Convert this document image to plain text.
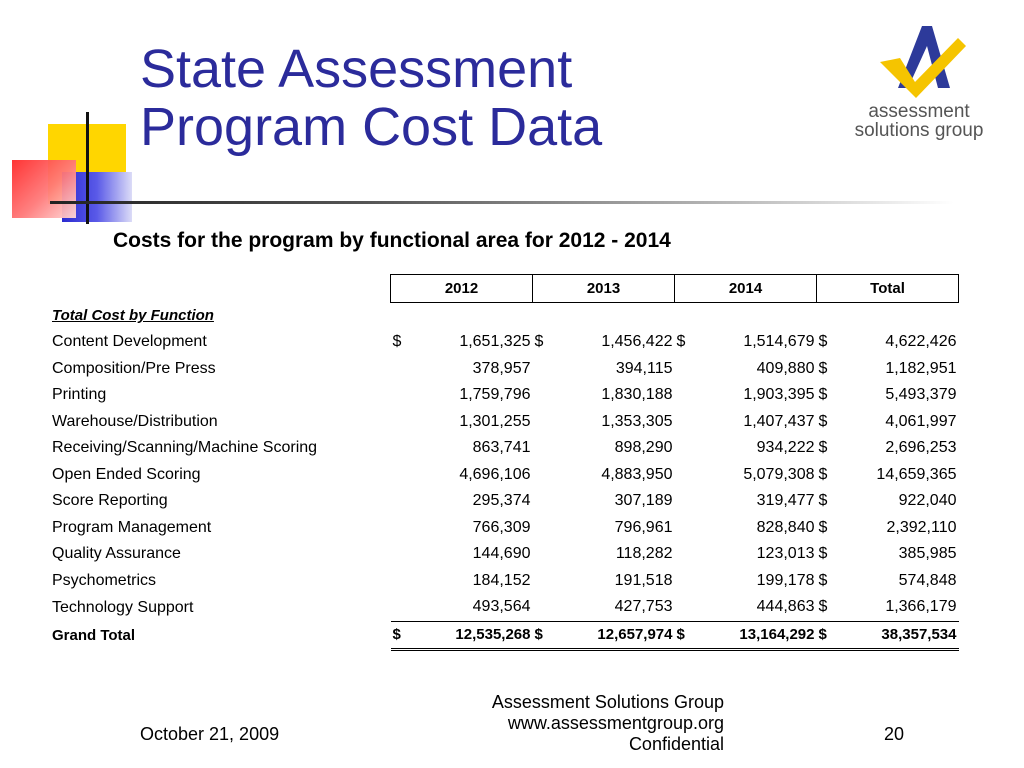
State Assessment
Program Cost Data	assessment
solutions group
Costs for the program by functional area for 2012 - 2014
	2012		2013		2014		Total	
Total Cost by Function								
Content Development	$	1,651,325	$	1,456,422	$	1,514,679	$	4,622,426
Composition/Pre Press		378,957		394,115		409,880	$	1,182,951
Printing		1,759,796		1,830,188		1,903,395	$	5,493,379
Warehouse/Distribution		1,301,255		1,353,305		1,407,437	$	4,061,997
Receiving/Scanning/Machine Scoring		863,741		898,290		934,222	$	2,696,253
Open Ended Scoring		4,696,106		4,883,950		5,079,308	$	14,659,365
Score Reporting		295,374		307,189		319,477	$	922,040
Program Management		766,309		796,961		828,840	$	2,392,110
Quality Assurance		144,690		118,282		123,013	$	385,985
Psychometrics		184,152		191,518		199,178	$	574,848
Technology Support		493,564		427,753		444,863	$	1,366,179
Grand Total	$	12,535,268	$	12,657,974	$	13,164,292	$	38,357,534
October 21, 2009
Assessment Solutions Group
www.assessmentgroup.org
Confidential	20
